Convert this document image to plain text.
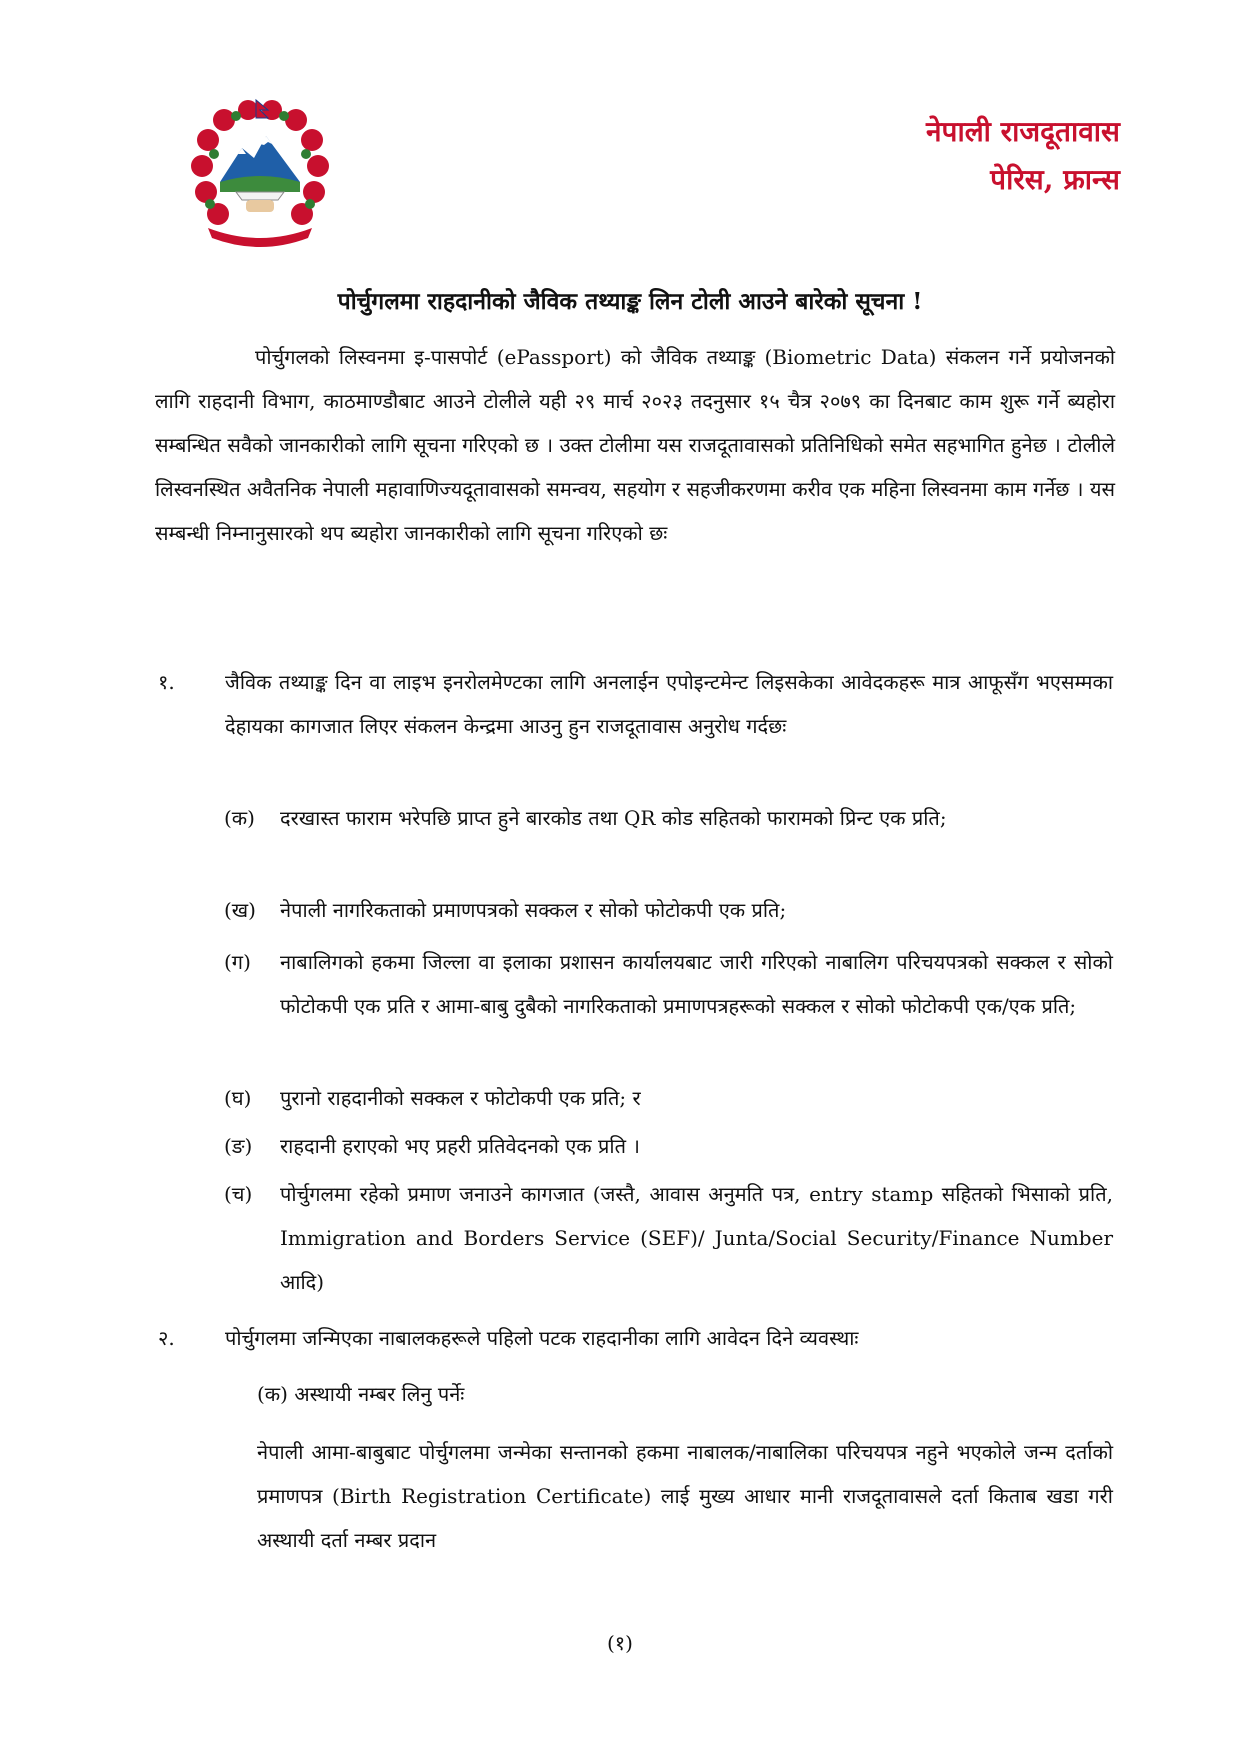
नेपाली राजदूतावास
पेरिस, फ्रान्स
पोर्चुगलमा राहदानीको जैविक तथ्याङ्क लिन टोली आउने बारेको सूचना !
पोर्चुगलको लिस्वनमा इ-पासपोर्ट (ePassport) को जैविक तथ्याङ्क (Biometric Data) संकलन गर्ने प्रयोजनको लागि राहदानी विभाग, काठमाण्डौबाट आउने टोलीले यही २९ मार्च २०२३ तदनुसार १५ चैत्र २०७९ का दिनबाट काम शुरू गर्ने ब्यहोरा सम्बन्धित सवैको जानकारीको लागि सूचना गरिएको छ । उक्त टोलीमा यस राजदूतावासको प्रतिनिधिको समेत सहभागित हुनेछ । टोलीले लिस्वनस्थित अवैतनिक नेपाली महावाणिज्यदूतावासको समन्वय, सहयोग र सहजीकरणमा करीव एक महिना लिस्वनमा काम गर्नेछ । यस सम्बन्धी निम्नानुसारको थप ब्यहोरा जानकारीको लागि सूचना गरिएको छः
१.	जैविक तथ्याङ्क दिन वा लाइभ इनरोलमेण्टका लागि अनलाईन एपोइन्टमेन्ट लिइसकेका आवेदकहरू मात्र आफूसँग भएसम्मका देहायका कागजात लिएर संकलन केन्द्रमा आउनु हुन राजदूतावास अनुरोध गर्दछः
(क) दरखास्त फाराम भरेपछि प्राप्त हुने बारकोड तथा QR कोड सहितको फारामको प्रिन्ट एक प्रति;
(ख) नेपाली नागरिकताको प्रमाणपत्रको सक्कल र सोको फोटोकपी एक प्रति;
(ग) नाबालिगको हकमा जिल्ला वा इलाका प्रशासन कार्यालयबाट जारी गरिएको नाबालिग परिचयपत्रको सक्कल र सोको फोटोकपी एक प्रति र आमा-बाबु दुबैको नागरिकताको प्रमाणपत्रहरूको सक्कल र सोको फोटोकपी एक/एक प्रति;
(घ) पुरानो राहदानीको सक्कल र फोटोकपी एक प्रति; र
(ङ) राहदानी हराएको भए प्रहरी प्रतिवेदनको एक प्रति ।
(च) पोर्चुगलमा रहेको प्रमाण जनाउने कागजात (जस्तै, आवास अनुमति पत्र, entry stamp सहितको भिसाको प्रति, Immigration and Borders Service (SEF)/ Junta/Social Security/Finance Number आदि)
२.	पोर्चुगलमा जन्मिएका नाबालकहरूले पहिलो पटक राहदानीका लागि आवेदन दिने व्यवस्थाः
(क) अस्थायी नम्बर लिनु पर्नेः
नेपाली आमा-बाबुबाट पोर्चुगलमा जन्मेका सन्तानको हकमा नाबालक/नाबालिका परिचयपत्र नहुने भएकोले जन्म दर्ताको प्रमाणपत्र (Birth Registration Certificate) लाई मुख्य आधार मानी राजदूतावासले दर्ता किताब खडा गरी अस्थायी दर्ता नम्बर प्रदान
(१)
